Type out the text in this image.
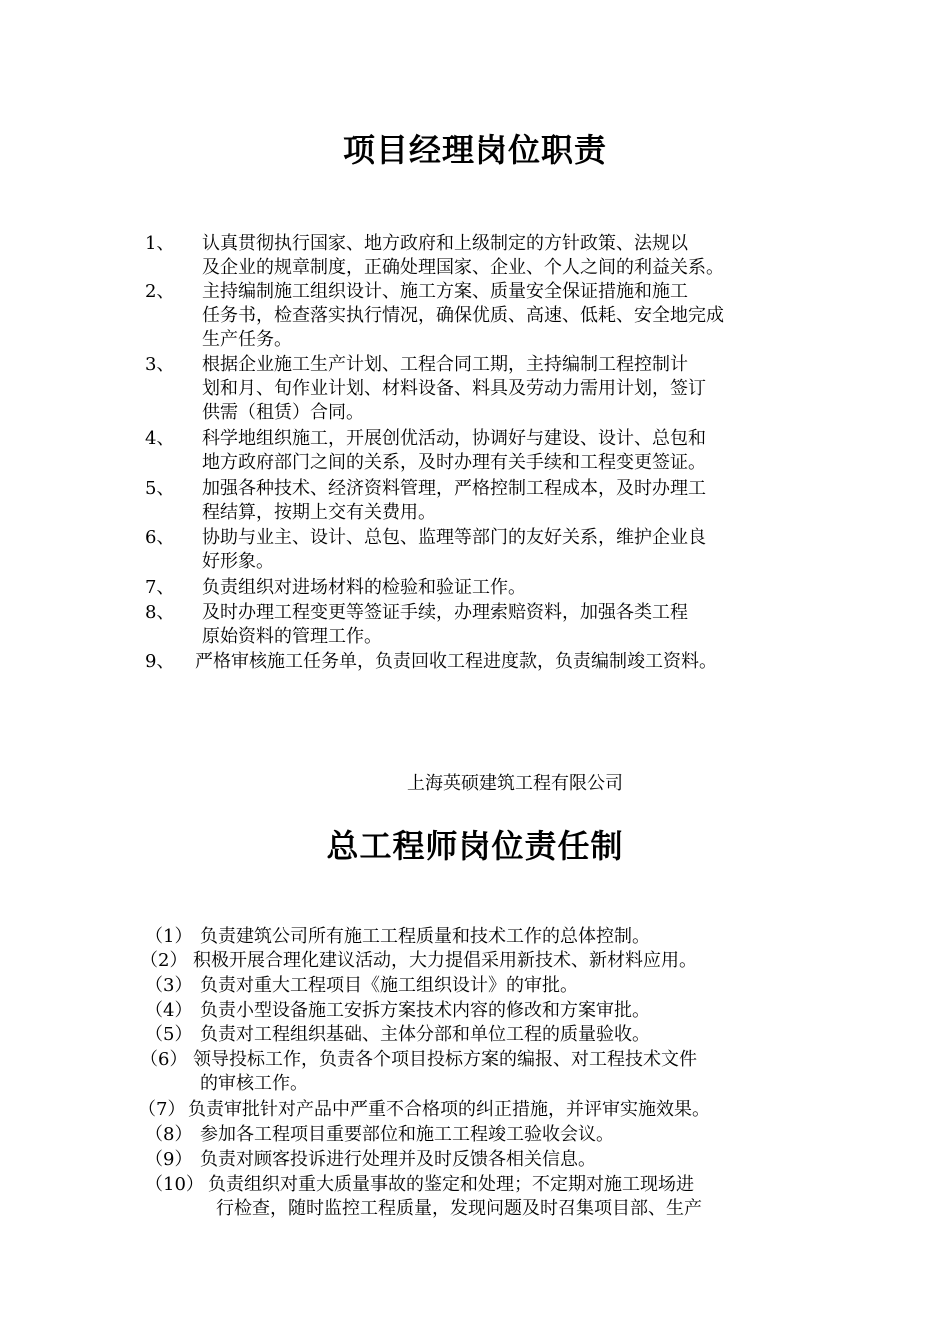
项目经理岗位职责
1、 认真贯彻执行国家、地方政府和上级制定的方针政策、法规以
及企业的规章制度，正确处理国家、企业、个人之间的利益关系。
2、 主持编制施工组织设计、施工方案、质量安全保证措施和施工
任务书，检查落实执行情况，确保优质、高速、低耗、安全地完成
生产任务。
3、 根据企业施工生产计划、工程合同工期，主持编制工程控制计
划和月、旬作业计划、材料设备、料具及劳动力需用计划，签订
供需（租赁）合同。
4、 科学地组织施工，开展创优活动，协调好与建设、设计、总包和
地方政府部门之间的关系，及时办理有关手续和工程变更签证。
5、 加强各种技术、经济资料管理，严格控制工程成本，及时办理工
程结算，按期上交有关费用。
6、 协助与业主、设计、总包、监理等部门的友好关系，维护企业良
好形象。
7、 负责组织对进场材料的检验和验证工作。
8、 及时办理工程变更等签证手续，办理索赔资料，加强各类工程
原始资料的管理工作。
9、 严格审核施工任务单，负责回收工程进度款，负责编制竣工资料。
上海英硕建筑工程有限公司
总工程师岗位责任制
（1） 负责建筑公司所有施工工程质量和技术工作的总体控制。
（2） 积极开展合理化建议活动，大力提倡采用新技术、新材料应用。
（3） 负责对重大工程项目《施工组织设计》的审批。
（4） 负责小型设备施工安拆方案技术内容的修改和方案审批。
（5） 负责对工程组织基础、主体分部和单位工程的质量验收。
（6） 领导投标工作，负责各个项目投标方案的编报、对工程技术文件
的审核工作。
（7） 负责审批针对产品中严重不合格项的纠正措施，并评审实施效果。
（8） 参加各工程项目重要部位和施工工程竣工验收会议。
（9） 负责对顾客投诉进行处理并及时反馈各相关信息。
（10） 负责组织对重大质量事故的鉴定和处理；不定期对施工现场进
行检查，随时监控工程质量，发现问题及时召集项目部、生产
